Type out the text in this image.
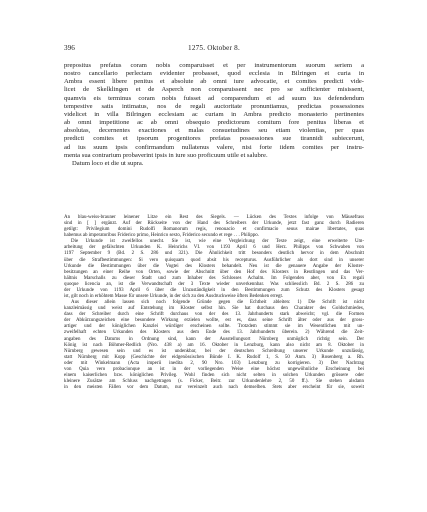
396	1275. Oktober 8.
prepositus prefatus coram nobis comparuisset et per instrumentorum suorum seriem a
nostro cancellario perlectam evidenter probasset, quod ecclesia in Bilringen et curia in
Ambra essent libere penitus et absolute ab omni iure advocatie, et comites predicti vide-
licet de Skelklingen et de Asperch non comparuissent nec pro se sufficienter misissent,
quamvis eis terminus coram nobis fuisset ad comparendum et ad suum ius defendendum
tempestive satis intimatus, nos de regali auctoritate pronuntiamus, predictas possessiones
videlicet in villa Bilringen ecclesiam ac curiam in Ambra predicto monasterio pertinentes
ab omni impetitione ac ab omni obsequio predictorum comitum fore penitus liberas et
absolutas, decernentes exactiones et malas consuetudines seu etiam violentias, per quas
predicti comites et ipsorum progenitores prefatas possessiones sue tirannidi subiecerunt,
ad ius suum ipsis confirmandum nullatenus valere, nisi forte iidem comites per instru-
menta sua contrarium probaverint ipsis in iure suo proficuum utile et salubre.
Datum loco et die ut supra.
An blau-weiss-brauner leinener Litze ein Rest des Siegels. — Lücken des Textes infolge von Mäusefrass
sind in [ ] ergänzt. Auf der Rückseite von der Hand des Schreibers der Urkunde, jetzt fast ganz durch Radieren
getilgt: Privilegium domini Rudolfi Romanorum regis, renouacio et confirmacio seuus mairae libertates, quas
habemus ab imperatoribus Friderico primo, Heinrico sexto, Friderico secundo et rege . . . Philippo.
Die Urkunde ist zweifellos unecht. Sie ist, wie eine Vergleichung der Texte zeigt, eine erweiterte Um-
arbeitung der gefälschten Urkunden K. Heinrichs VI. von 1193 April 6 und Herz. Philipps von Schwaben von
1197 September 9 (Bd. 2 S. 286 und 321). Die Ähnlichkeit tritt besonders deutlich hervor in dem Abschnitt
über die Strafbestimmungen: Si vero quisquam quod absit his recepturus. Ausführlicher als dort sind in unserer
Urkunde die Bestimmungen über die Vogtei des Klosters behandelt. Neu ist die genauere Angabe der Kloster-
besitzungen an einer Reihe von Orten, sowie der Abschnitt über den Hof des Klosters in Reutlingen und das Ver-
hältnis Marschalls zu dieser Stadt und zum Inhaber des Schlosses Achalm. Im Folgenden aber, von Ex regali
quoque licencia an, ist die Verwandtschaft der 3 Texte wieder unverkennbar. Was schliesslich Bd. 2 S. 286 zu
der Urkunde von 1193 April 6 über die Unzuständigkeit in den Bestimmungen zum Schutz des Klosters gesagt
ist, gilt noch in erhöhtem Masse für unsere Urkunde, in der sich zu den Ausdruckweise öfters Bedenken erregt.
Aus dieser allein lassen sich noch folgende Gründe gegen die Echtheit ableiten: 1) Die Schrift ist nicht
kanzleimässig und weist auf Entstehung im Kloster selbst hin. Sie hat durchaus den Charakter des Goldschmiedes,
dass der Schreiber durch eine Schrift durchaus von der des 13. Jahrhunderts stark abweicht; vgl. die Formen
der Abkürzungszeichen eine besondere Wirkung erzielen wollte, est es, dass seine Schrift älter oder aus der gross-
artiger und der königlichen Kanzlei würdiger erscheinen sollte. Trotzdem stimmt sie im Wesentlichen mit un-
zweifelhaft echten Urkunden des Klosters aus dem Ende des 13. Jahrhunderts überein. 2) Während die Zeit-
angaben des Datums in Ordnung sind, kann der Ausstellungsort Nürnberg unmöglich richtig sein. Der
König ist nach Böhmer-Redlich (Nro. 438 a) am 16. Oktober in Lenzburg, kann also nicht am 8. Oktober in
Nürnberg gewesen sein und es ist undenkbar, bei der deutschen Schreibung unserer Urkunde unzulässig,
statt Nürnberg mit Kopp (Geschichte der eidgenössischen Bünde I. K. Rudolf 1, S. 50 Anm. 3) Rosenberg a. Rh.
oder mit Winkelmann (Acta imperii inedita 2, 90 Nro. 103) Lenzburg zu korrigieren. 3) Der Nachtrag
von Quia vero probacionque an ist in der vorliegenden Weise eine höchst ungewöhnliche Erscheinung bei
einem kaiserlichen bzw. königlichen Privileg. Wohl finden sich nicht selten in solchen Urkunden grössere oder
kleinere Zusätze am Schluss nachgetragen (s. Ficker, Beitr. zur Urkundenlehre 2, 50 ff.). Sie stehen alsdann
in den meisten Fällen vor dem Datum, nur vereinzelt auch nach demselben. Stets aber erscheint für sie, soweit
